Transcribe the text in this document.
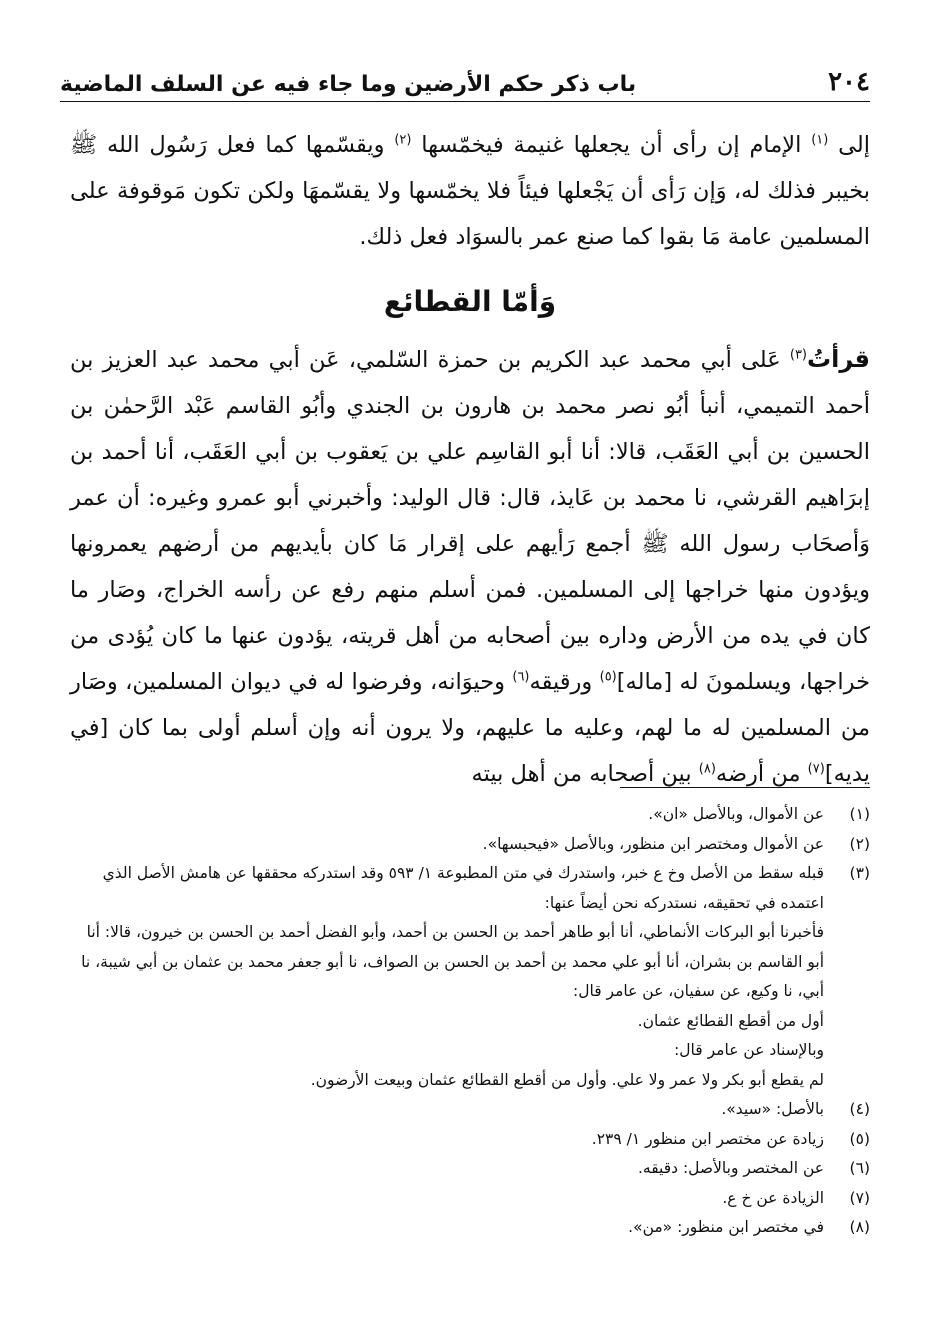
٢٠٤
باب ذكر حكم الأرضين وما جاء فيه عن السلف الماضية

إلى $^{(١)}$ الإمام إن رأى أن يجعلها غنيمة فيخمّسها $^{(٢)}$ ويقسّمها كما فعل رَسُول الله ﷺ بخيبر فذلك له، وَإن رَأى أن يَجْعلها فيئاً فلا يخمّسها ولا يقسّمهَا ولكن تكون مَوقوفة على المسلمين عامة مَا بقوا كما صنع عمر بالسوَاد فعل ذلك.

وَأمّا القطائع

قرأتُ$^{(٣)}$ عَلى أبي محمد عبد الكريم بن حمزة السّلمي، عَن أبي محمد عبد العزيز بن أحمد التميمي، أنبأ أبُو نصر محمد بن هارون بن الجندي وأبُو القاسم عَبْد الرَّحمٰن بن الحسين بن أبي العَقَب، قالا: أنا أبو القاسِم علي بن يَعقوب بن أبي العَقَب، أنا أحمد بن إبرَاهيم القرشي، نا محمد بن عَايذ، قال: قال الوليد: وأخبرني أبو عمرو وغيره: أن عمر وَأصحَاب رسول الله ﷺ أجمع رَأيهم على إقرار مَا كان بأيديهم من أرضهم يعمرونها ويؤدون منها خراجها إلى المسلمين. فمن أسلم منهم رفع عن رأسه الخراج، وصَار ما كان في يده من الأرض وداره بين أصحابه من أهل قريته، يؤدون عنها ما كان يُؤدى من خراجها، ويسلمونَ له [ماله]$^{(٥)}$ ورقيقه$^{(٦)}$ وحيوَانه، وفرضوا له في ديوان المسلمين، وصَار من المسلمين له ما لهم، وعليه ما عليهم، ولا يرون أنه وإن أسلم أولى بما كان [في يديه]$^{(٧)}$ من أرضه$^{(٨)}$ بين أصحابه من أهل بيته

(١)
عن الأموال، وبالأصل «ان».
(٢)
عن الأموال ومختصر ابن منظور، وبالأصل «فيحبسها».
(٣)
قبله سقط من الأصل وخ ع خبر، واستدرك في متن المطبوعة ١/ ٥٩٣ وقد استدركه محققها عن هامش الأصل الذي اعتمده في تحقيقه، نستدركه نحن أيضاً عنها:
فأخبرنا أبو البركات الأنماطي، أنا أبو طاهر أحمد بن الحسن بن أحمد، وأبو الفضل أحمد بن الحسن بن خيرون، قالا: أنا أبو القاسم بن بشران، أنا أبو علي محمد بن أحمد بن الحسن بن الصواف، نا أبو جعفر محمد بن عثمان بن أبي شيبة، نا أبي، نا وكيع، عن سفيان، عن عامر قال:
أول من أقطع القطائع عثمان.
وبالإسناد عن عامر قال:
لم يقطع أبو بكر ولا عمر ولا علي. وأول من أقطع القطائع عثمان وبيعت الأرضون.
(٤)
بالأصل: «سيد».
(٥)
زيادة عن مختصر ابن منظور ١/ ٢٣٩.
(٦)
عن المختصر وبالأصل: دقيقه.
(٧)
الزيادة عن خ ع.
(٨)
في مختصر ابن منظور: «من».
